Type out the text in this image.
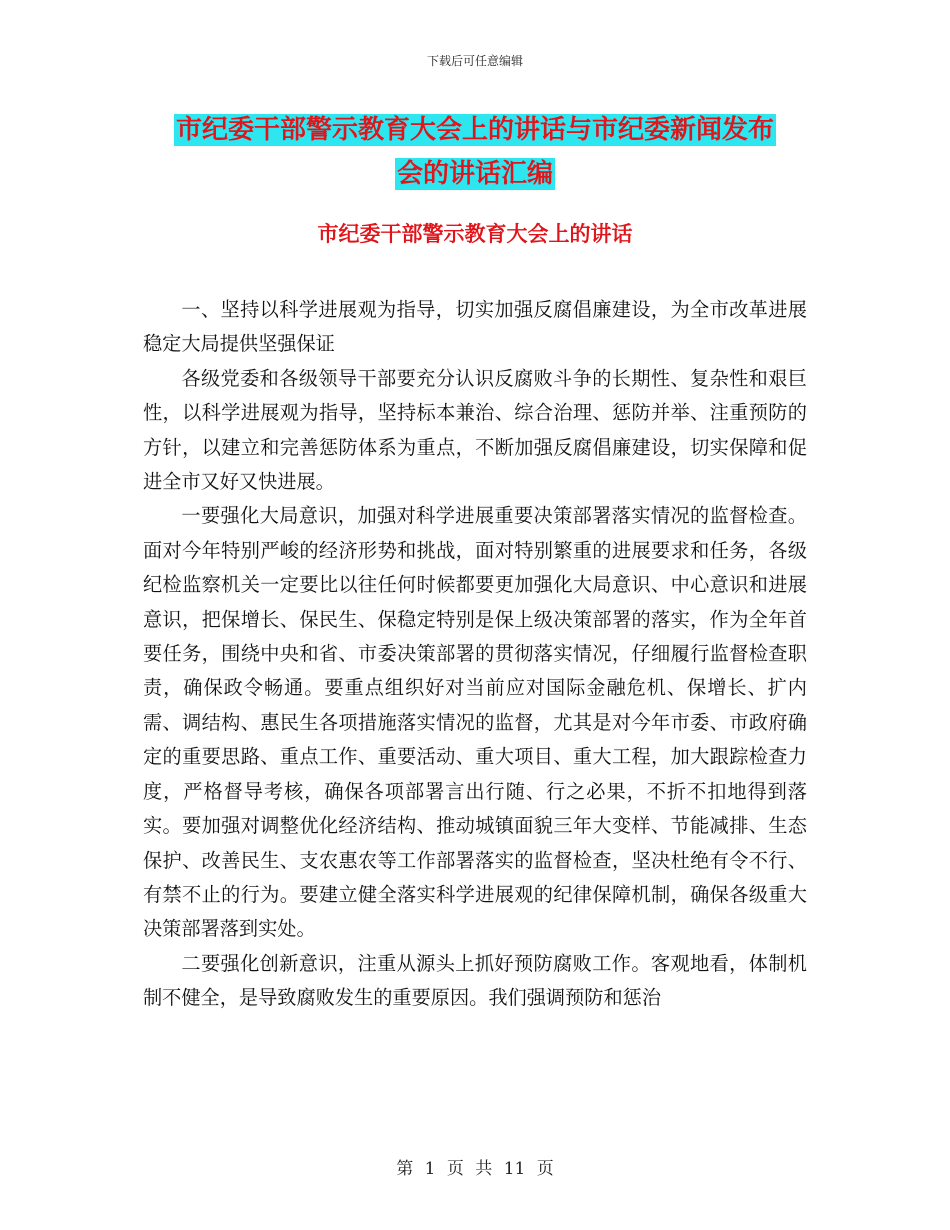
下载后可任意编辑
市纪委干部警示教育大会上的讲话与市纪委新闻发布
会的讲话汇编
市纪委干部警示教育大会上的讲话

一、坚持以科学进展观为指导，切实加强反腐倡廉建设，为全市改革进展稳定大局提供坚强保证

各级党委和各级领导干部要充分认识反腐败斗争的长期性、复杂性和艰巨性，以科学进展观为指导，坚持标本兼治、综合治理、惩防并举、注重预防的方针，以建立和完善惩防体系为重点，不断加强反腐倡廉建设，切实保障和促进全市又好又快进展。

一要强化大局意识，加强对科学进展重要决策部署落实情况的监督检查。面对今年特别严峻的经济形势和挑战，面对特别繁重的进展要求和任务，各级纪检监察机关一定要比以往任何时候都要更加强化大局意识、中心意识和进展意识，把保增长、保民生、保稳定特别是保上级决策部署的落实，作为全年首要任务，围绕中央和省、市委决策部署的贯彻落实情况，仔细履行监督检查职责，确保政令畅通。要重点组织好对当前应对国际金融危机、保增长、扩内需、调结构、惠民生各项措施落实情况的监督，尤其是对今年市委、市政府确定的重要思路、重点工作、重要活动、重大项目、重大工程，加大跟踪检查力度，严格督导考核，确保各项部署言出行随、行之必果，不折不扣地得到落实。要加强对调整优化经济结构、推动城镇面貌三年大变样、节能减排、生态保护、改善民生、支农惠农等工作部署落实的监督检查，坚决杜绝有令不行、有禁不止的行为。要建立健全落实科学进展观的纪律保障机制，确保各级重大决策部署落到实处。

二要强化创新意识，注重从源头上抓好预防腐败工作。客观地看，体制机制不健全，是导致腐败发生的重要原因。我们强调预防和惩治

第 1 页 共 11 页
